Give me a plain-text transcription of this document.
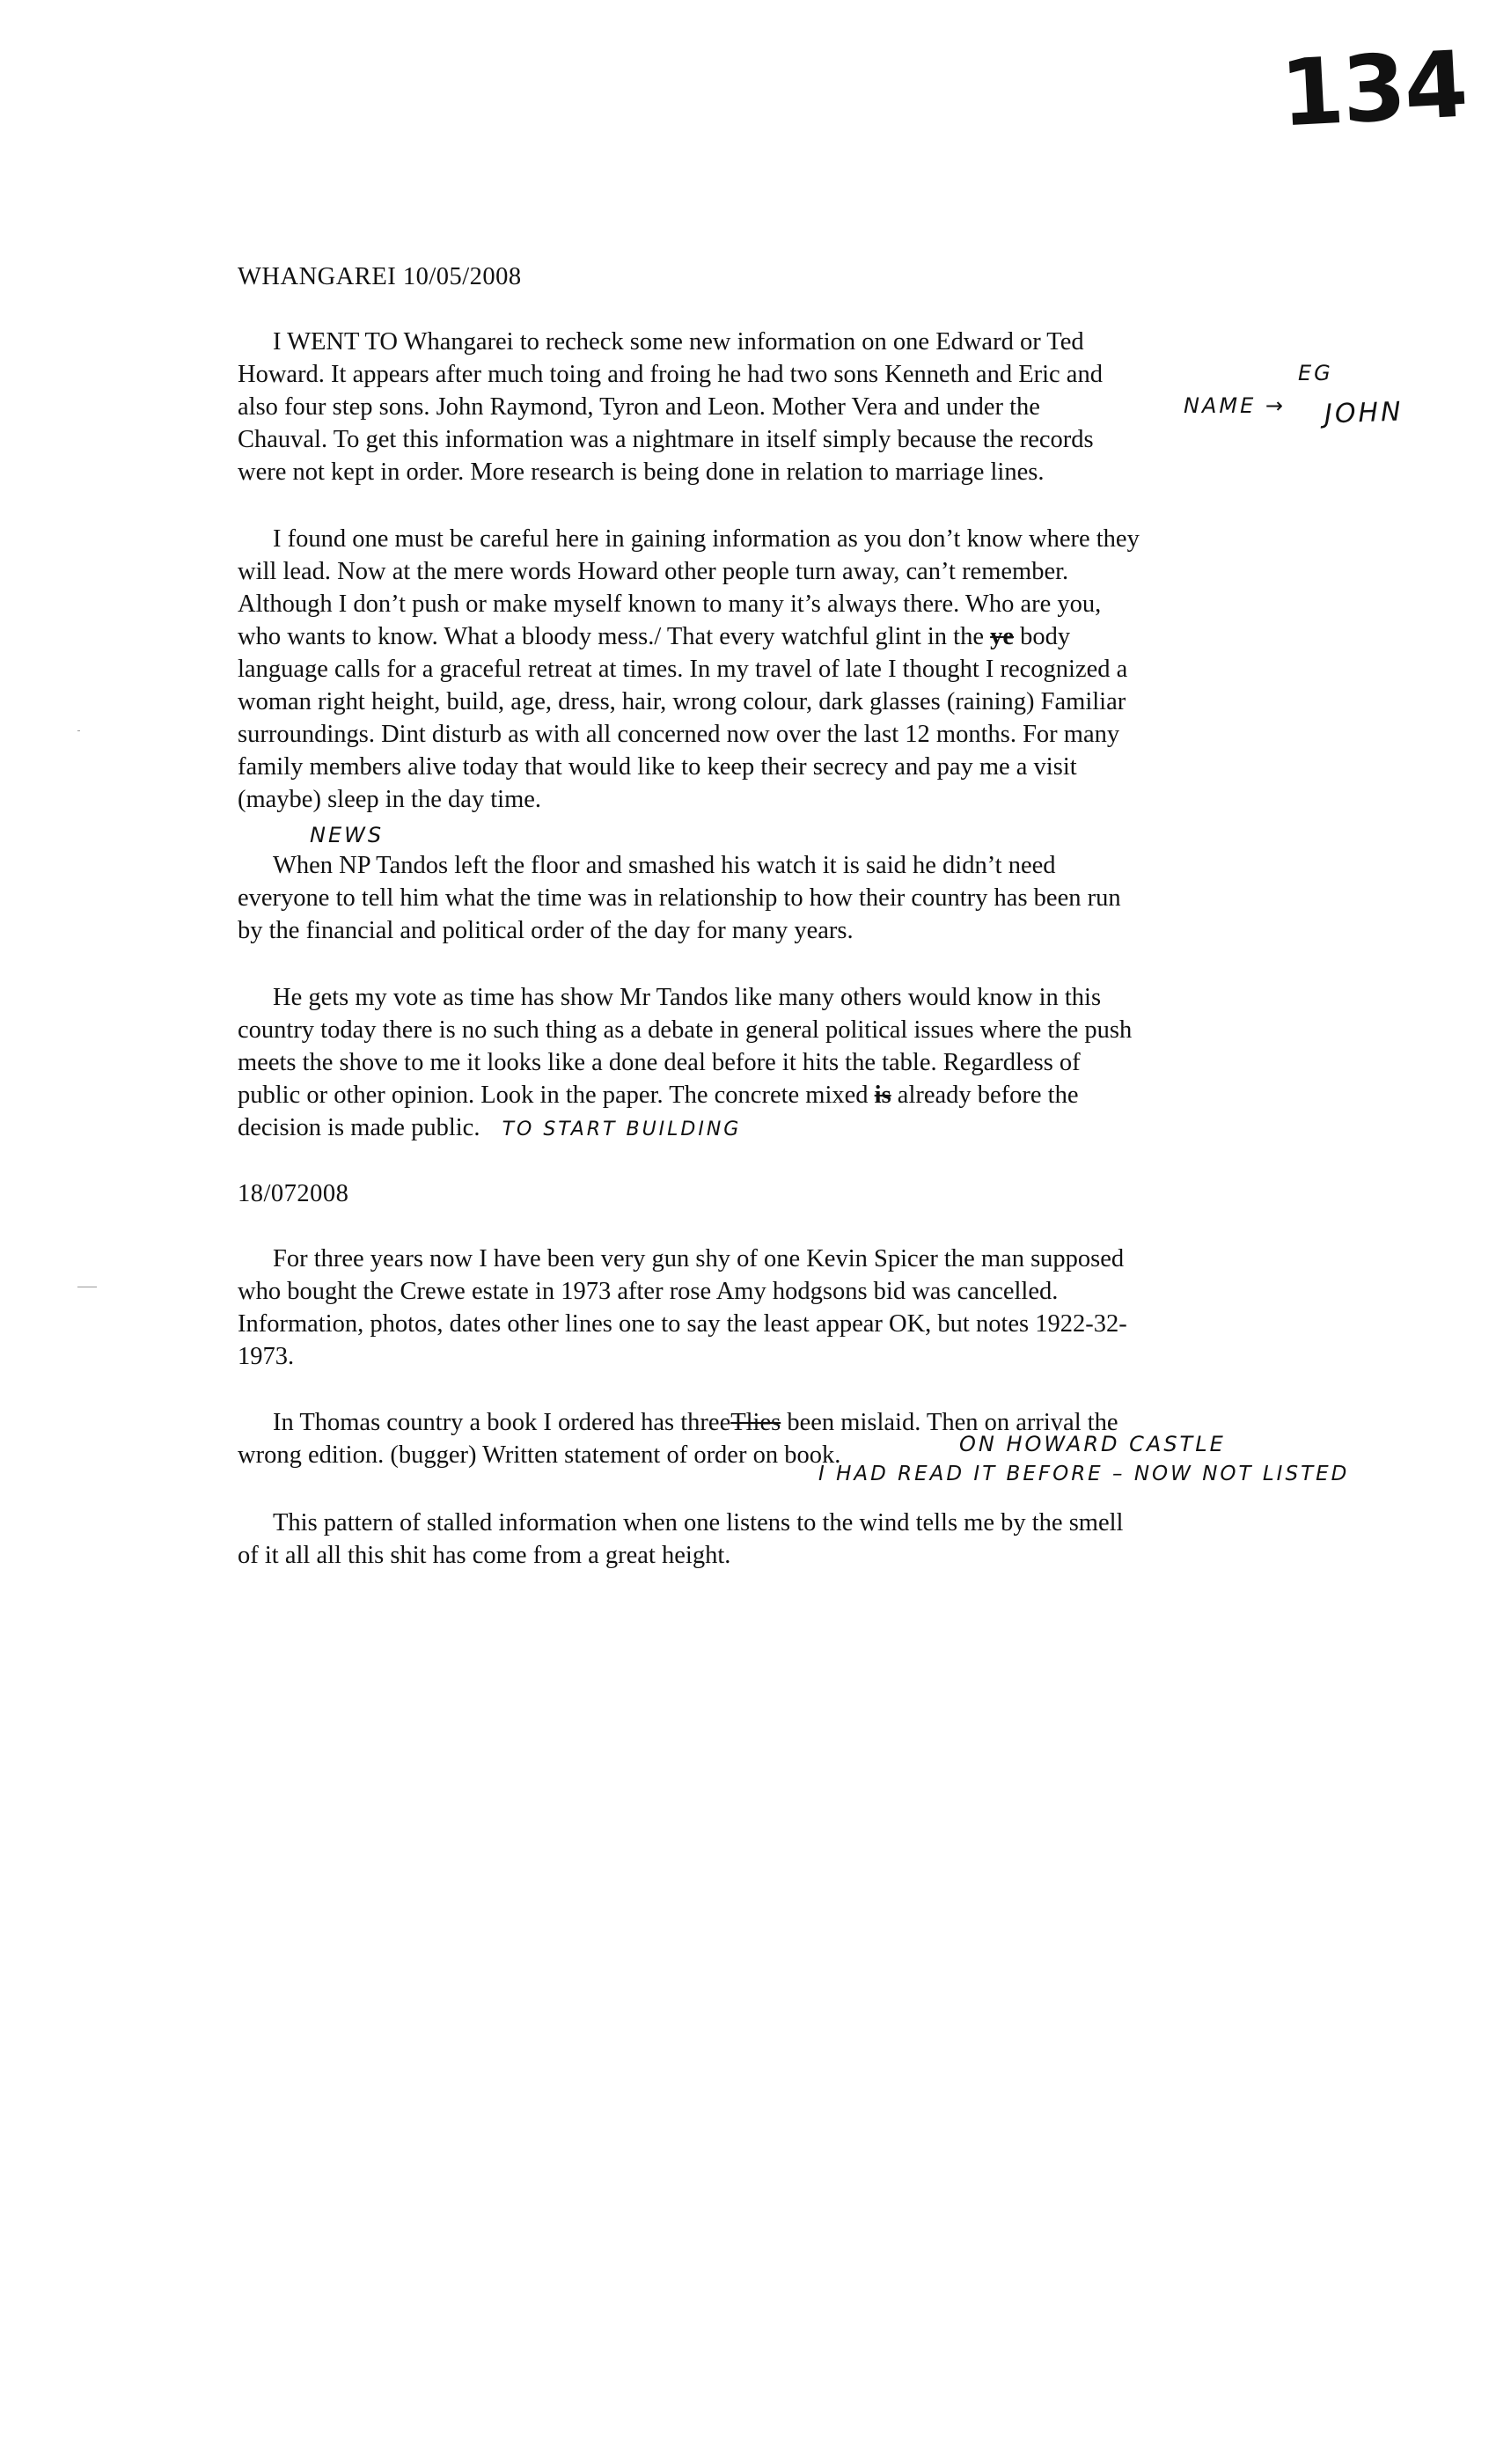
134
WHANGAREI 10/05/2008
I WENT TO Whangarei to recheck some new information on one Edward or Ted
Howard. It appears after much toing and froing he had two sons Kenneth and Eric and
also four step sons. John Raymond, Tyron and Leon. Mother Vera and under the
Chauval. To get this information was a nightmare in itself simply because the records
were not kept in order. More research is being done in relation to marriage lines.
EG
NAME → JOHN
I found one must be careful here in gaining information as you don’t know where they
will lead. Now at the mere words Howard other people turn away, can’t remember.
Although I don’t push or make myself known to many it’s always there. Who are you,
who wants to know. What a bloody mess./ That every watchful glint in the ye body
language calls for a graceful retreat at times. In my travel of late I thought I recognized a
woman right height, build, age, dress, hair, wrong colour, dark glasses (raining) Familiar
surroundings. Dint disturb as with all concerned now over the last 12 months. For many
family members alive today that would like to keep their secrecy and pay me a visit
(maybe) sleep in the day time.
NEWS
When NP Tandos left the floor and smashed his watch it is said he didn’t need
everyone to tell him what the time was in relationship to how their country has been run
by the financial and political order of the day for many years.
He gets my vote as time has show Mr Tandos like many others would know in this
country today there is no such thing as a debate in general political issues where the push
meets the shove to me it looks like a done deal before it hits the table. Regardless of
public or other opinion. Look in the paper. The concrete mixed is already before the
decision is made public. TO START BUILDING
18/072008
For three years now I have been very gun shy of one Kevin Spicer the man supposed
who bought the Crewe estate in 1973 after rose Amy hodgsons bid was cancelled.
Information, photos, dates other lines one to say the least appear OK, but notes 1922-32-
1973.
In Thomas country a book I ordered has threeTlies been mislaid. Then on arrival the
wrong edition. (bugger) Written statement of order on book.	ON HOWARD CASTLE
I HAD READ IT BEFORE – NOW NOT LISTED
This pattern of stalled information when one listens to the wind tells me by the smell
of it all all this shit has come from a great height.
